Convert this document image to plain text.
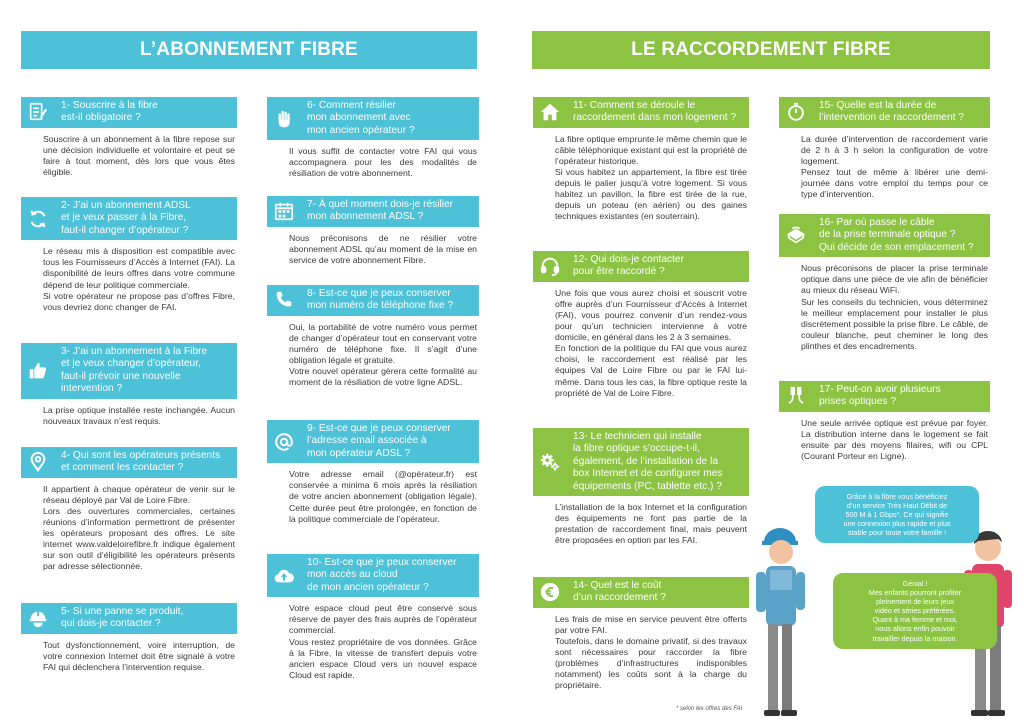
L’ABONNEMENT FIBRE	LE RACCORDEMENT FIBRE
1- Souscrire à la fibre
est-il obligatoire ?
Souscrire à un abonnement à la fibre repose sur une décision individuelle et volontaire et peut se faire à tout moment, dès lors que vous êtes éligible.
2- J’ai un abonnement ADSL
et je veux passer à la Fibre,
faut-il changer d’opérateur ?
Le réseau mis à disposition est compatible avec tous les Fournisseurs d’Accès à Internet (FAI). La disponibilité de leurs offres dans votre commune dépend de leur politique commerciale.
Si votre opérateur ne propose pas d’offres Fibre, vous devriez donc changer de FAI.
3- J’ai un abonnement à la Fibre
et je veux changer d’opérateur,
faut-il prévoir une nouvelle
intervention ?
La prise optique installée reste inchangée. Aucun nouveaux travaux n’est requis.
4- Qui sont les opérateurs présents
et comment les contacter ?
Il appartient à chaque opérateur de venir sur le réseau déployé par Val de Loire Fibre.
Lors des ouvertures commerciales, certaines réunions d’information permettront de présenter les opérateurs proposant des offres. Le site internet www.valdeloirefibre.fr indique également sur son outil d’éligibilité les opérateurs présents par adresse sélectionnée.
5- Si une panne se produit,
qui dois-je contacter ?
Tout dysfonctionnement, voire interruption, de votre connexion Internet doit être signalé à votre FAI qui déclenchera l’intervention requise.
6- Comment résilier
mon abonnement avec
mon ancien opérateur ?
Il vous suffit de contacter votre FAI qui vous accompagnera pour les des modalités de résiliation de votre abonnement.
7- À quel moment dois-je résilier
mon abonnement ADSL ?
Nous préconisons de ne résilier votre abonnement ADSL qu’au moment de la mise en service de votre abonnement Fibre.
8- Est-ce que je peux conserver
mon numéro de téléphone fixe ?
Oui, la portabilité de votre numéro vous permet de changer d’opérateur tout en conservant votre numéro de téléphone fixe. Il s’agit d’une obligation légale et gratuite.
Votre nouvel opérateur gèrera cette formalité au moment de la résiliation de votre ligne ADSL.
9- Est-ce que je peux conserver
l’adresse email associée à
mon opérateur ADSL ?
Votre adresse email (@opérateur.fr) est conservée a minima 6 mois après la résiliation de votre ancien abonnement (obligation légale). Cette durée peut être prolongée, en fonction de la politique commerciale de l’opérateur.
10- Est-ce que je peux conserver
mon accès au cloud
de mon ancien opérateur ?
Votre espace cloud peut être conservé sous réserve de payer des frais auprès de l’opérateur commercial.
Vous restez propriétaire de vos données. Grâce à la Fibre, la vitesse de transfert depuis votre ancien espace Cloud vers un nouvel espace Cloud est rapide.
11- Comment se déroule le
raccordement dans mon logement ?
La fibre optique emprunte le même chemin que le câble téléphonique existant qui est la propriété de l’opérateur historique.
Si vous habitez un appartement, la fibre est tirée depuis le palier jusqu’à votre logement. Si vous habitez un pavillon, la fibre est tirée de la rue, depuis un poteau (en aérien) ou des gaines techniques existantes (en souterrain).
12- Qui dois-je contacter
pour être raccordé ?
Une fois que vous aurez choisi et souscrit votre offre auprès d’un Fournisseur d’Accès à Internet (FAI), vous pourrez convenir d’un rendez-vous pour qu’un technicien intervienne à votre domicile, en général dans les 2 à 3 semaines.
En fonction de la politique du FAI que vous aurez choisi, le raccordement est réalisé par les équipes Val de Loire Fibre ou par le FAI lui-même. Dans tous les cas, la fibre optique reste la propriété de Val de Loire Fibre.
13- Le technicien qui installe
la fibre optique s’occupe-t-il,
également, de l’installation de la
box Internet et de configurer mes
équipements (PC, tablette etc.) ?
L’installation de la box Internet et la configuration des équipements ne font pas partie de la prestation de raccordement final, mais peuvent être proposées en option par les FAI.
14- Quel est le coût
d’un raccordement ?
Les frais de mise en service peuvent être offerts par votre FAI.
Toutefois, dans le domaine privatif, si des travaux sont nécessaires pour raccorder la fibre (problèmes d’infrastructures indisponibles notamment) les coûts sont à la charge du propriétaire.
15- Quelle est la durée de
l’intervention de raccordement ?
La durée d’intervention de raccordement varie de 2 h à 3 h selon la configuration de votre logement.
Pensez tout de même à libérer une demi-journée dans votre emploi du temps pour ce type d’intervention.
16- Par où passe le câble
de la prise terminale optique ?
Qui décide de son emplacement ?
Nous préconisons de placer la prise terminale optique dans une pièce de vie afin de bénéficier au mieux du réseau WiFi.
Sur les conseils du technicien, vous déterminez le meilleur emplacement pour installer le plus discrètement possible la prise fibre. Le câble, de couleur blanche, peut cheminer le long des plinthes et des encadrements.
17- Peut-on avoir plusieurs
prises optiques ?
Une seule arrivée optique est prévue par foyer. La distribution interne dans le logement se fait ensuite par des moyens filaires, wifi ou CPL (Courant Porteur en Ligne).
Grâce à la fibre vous bénéficiez
d’un service Très Haut Débit de
500 M à 1 Gbps*. Ce qui signifie
une connexion plus rapide et plus
stable pour toute votre famille !
Génial !
Mes enfants pourront profiter
pleinement de leurs jeux
vidéo et séries préférées.
Quant à ma femme et moi,
nous allons enfin pouvoir
travailler depuis la maison.
* selon les offres des FAI
